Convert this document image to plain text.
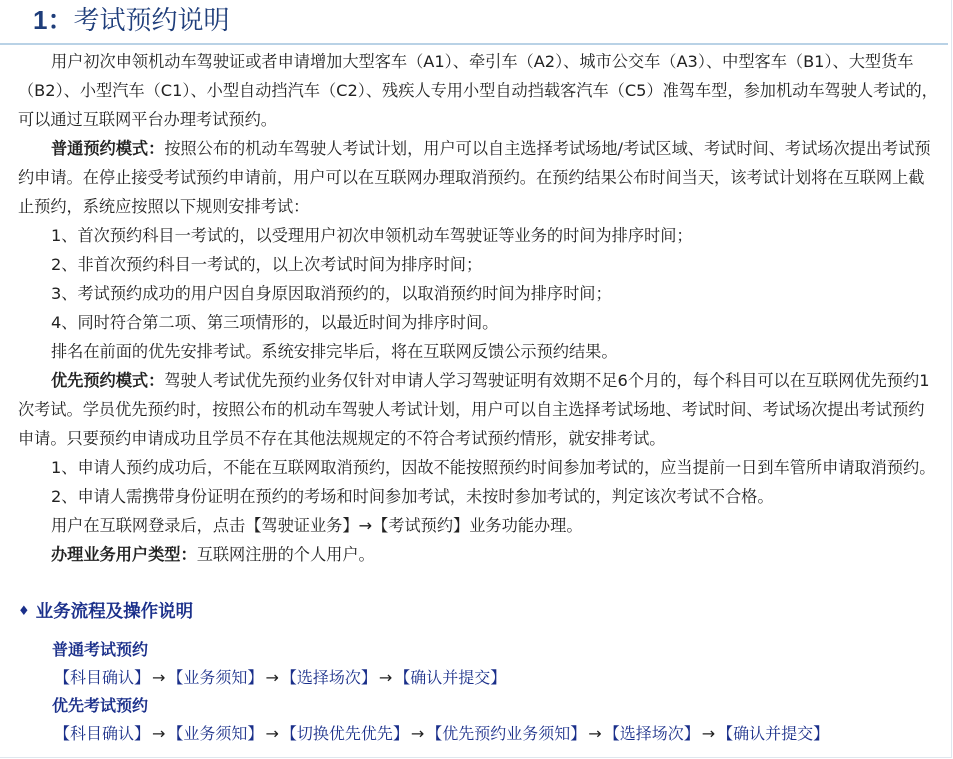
1：考试预约说明

用户初次申领机动车驾驶证或者申请增加大型客车（A1）、牵引车（A2）、城市公交车（A3）、中型客车（B1）、大型货车（B2）、小型汽车（C1）、小型自动挡汽车（C2）、残疾人专用小型自动挡载客汽车（C5）准驾车型，参加机动车驾驶人考试的，可以通过互联网平台办理考试预约。

普通预约模式：按照公布的机动车驾驶人考试计划，用户可以自主选择考试场地/考试区域、考试时间、考试场次提出考试预约申请。在停止接受考试预约申请前，用户可以在互联网办理取消预约。在预约结果公布时间当天，该考试计划将在互联网上截止预约，系统应按照以下规则安排考试：

1、首次预约科目一考试的，以受理用户初次申领机动车驾驶证等业务的时间为排序时间；

2、非首次预约科目一考试的，以上次考试时间为排序时间；

3、考试预约成功的用户因自身原因取消预约的，以取消预约时间为排序时间；

4、同时符合第二项、第三项情形的，以最近时间为排序时间。

排名在前面的优先安排考试。系统安排完毕后，将在互联网反馈公示预约结果。

优先预约模式：驾驶人考试优先预约业务仅针对申请人学习驾驶证明有效期不足6个月的，每个科目可以在互联网优先预约1次考试。学员优先预约时，按照公布的机动车驾驶人考试计划，用户可以自主选择考试场地、考试时间、考试场次提出考试预约申请。只要预约申请成功且学员不存在其他法规规定的不符合考试预约情形，就安排考试。

1、申请人预约成功后，不能在互联网取消预约，因故不能按照预约时间参加考试的，应当提前一日到车管所申请取消预约。

2、申请人需携带身份证明在预约的考场和时间参加考试，未按时参加考试的，判定该次考试不合格。

用户在互联网登录后，点击【驾驶证业务】→【考试预约】业务功能办理。

办理业务用户类型：互联网注册的个人用户。

♦ 业务流程及操作说明
普通考试预约
【科目确认】 → 【业务须知】 → 【选择场次】 → 【确认并提交】
优先考试预约
【科目确认】 → 【业务须知】 → 【切换优先优先】 → 【优先预约业务须知】 → 【选择场次】 → 【确认并提交】
